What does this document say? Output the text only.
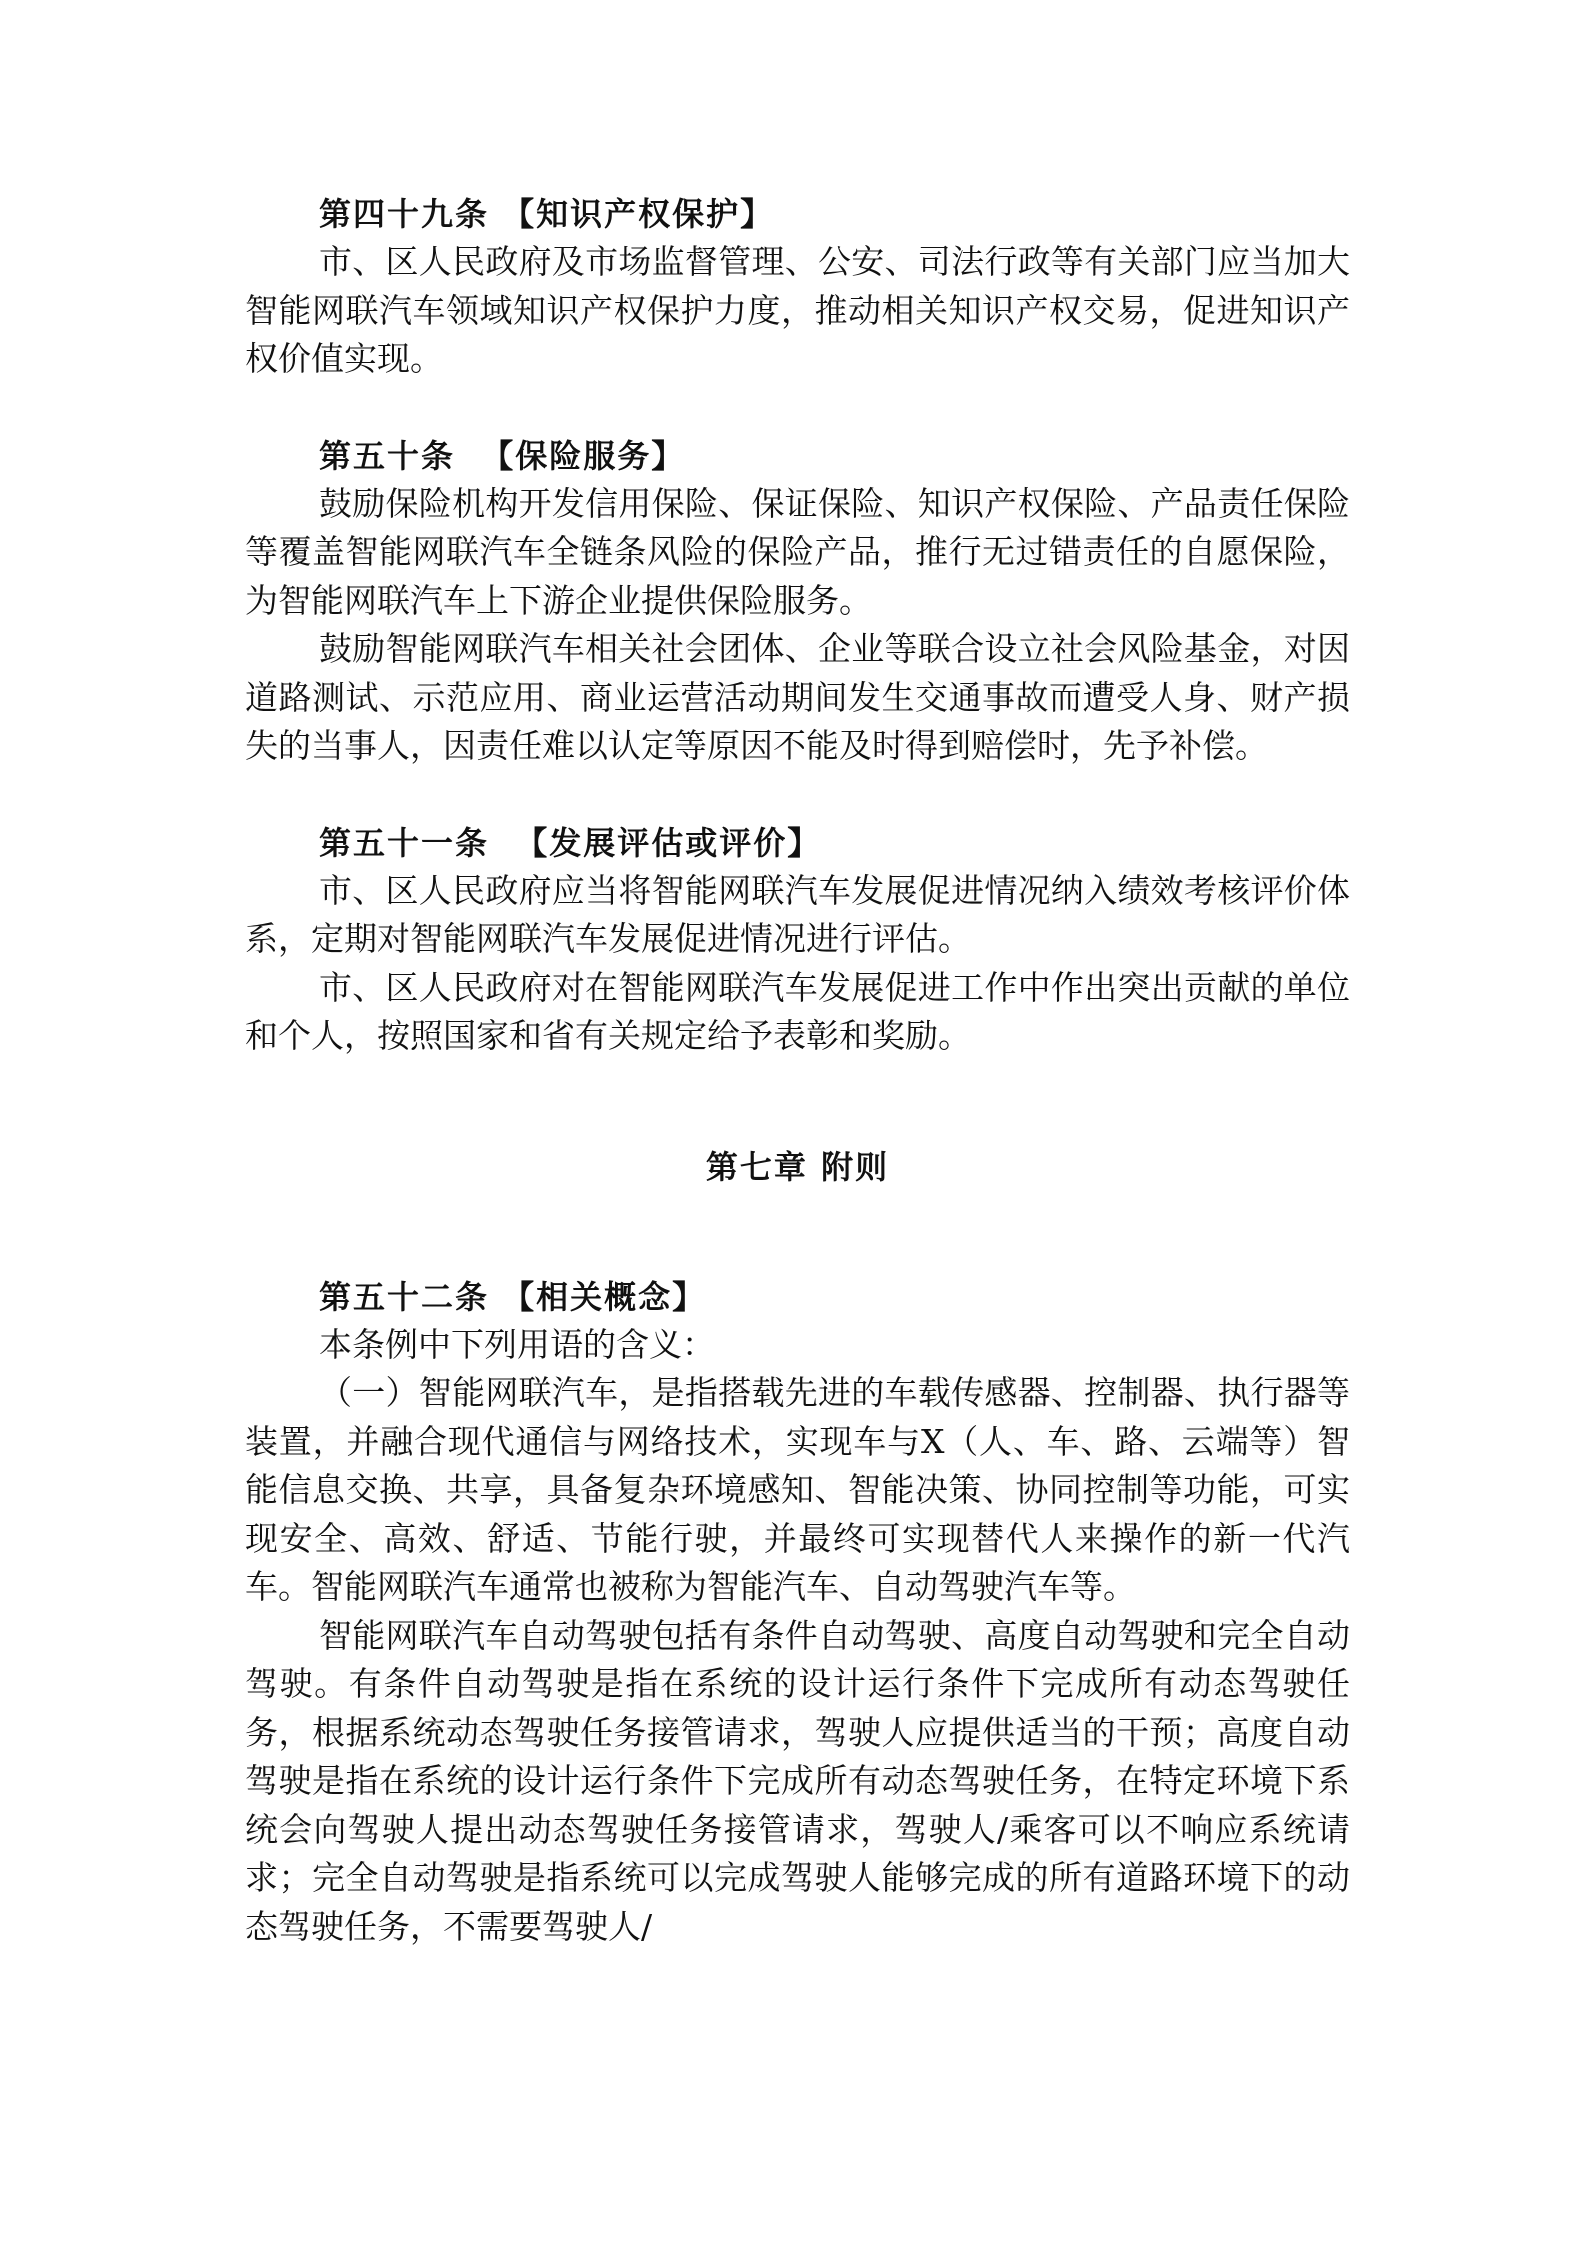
第四十九条 【知识产权保护】

市、区人民政府及市场监督管理、公安、司法行政等有关部门应当加大智能网联汽车领域知识产权保护力度，推动相关知识产权交易，促进知识产权价值实现。

第五十条  【保险服务】

鼓励保险机构开发信用保险、保证保险、知识产权保险、产品责任保险等覆盖智能网联汽车全链条风险的保险产品，推行无过错责任的自愿保险，为智能网联汽车上下游企业提供保险服务。

鼓励智能网联汽车相关社会团体、企业等联合设立社会风险基金，对因道路测试、示范应用、商业运营活动期间发生交通事故而遭受人身、财产损失的当事人，因责任难以认定等原因不能及时得到赔偿时，先予补偿。

第五十一条  【发展评估或评价】

市、区人民政府应当将智能网联汽车发展促进情况纳入绩效考核评价体系，定期对智能网联汽车发展促进情况进行评估。

市、区人民政府对在智能网联汽车发展促进工作中作出突出贡献的单位和个人，按照国家和省有关规定给予表彰和奖励。

第七章 附则
第五十二条 【相关概念】

本条例中下列用语的含义：

（一）智能网联汽车，是指搭载先进的车载传感器、控制器、执行器等装置，并融合现代通信与网络技术，实现车与X（人、车、路、云端等）智能信息交换、共享，具备复杂环境感知、智能决策、协同控制等功能，可实现安全、高效、舒适、节能行驶，并最终可实现替代人来操作的新一代汽车。智能网联汽车通常也被称为智能汽车、自动驾驶汽车等。

智能网联汽车自动驾驶包括有条件自动驾驶、高度自动驾驶和完全自动驾驶。有条件自动驾驶是指在系统的设计运行条件下完成所有动态驾驶任务，根据系统动态驾驶任务接管请求，驾驶人应提供适当的干预；高度自动驾驶是指在系统的设计运行条件下完成所有动态驾驶任务，在特定环境下系统会向驾驶人提出动态驾驶任务接管请求，驾驶人/乘客可以不响应系统请求；完全自动驾驶是指系统可以完成驾驶人能够完成的所有道路环境下的动态驾驶任务，不需要驾驶人/
